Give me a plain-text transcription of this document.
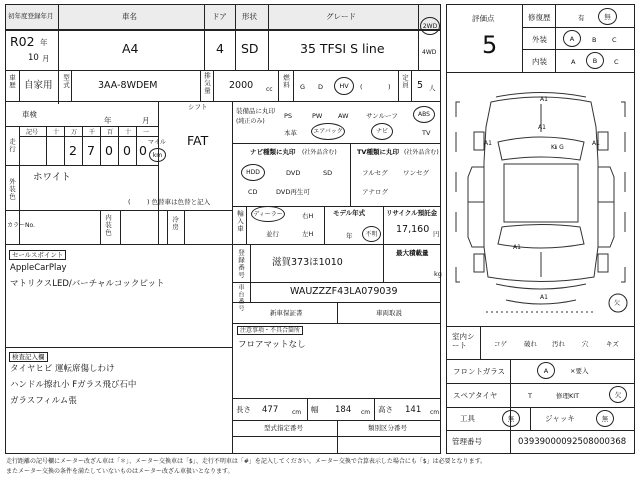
初年度登録年月	車名	ドア 形状	グレード
R02 年
10 月
A4	4 SD	35 TFSI S line
2WD
4WD
車歴 自家用 型式	3AA-8WDEM	排気量 2000 cc
燃料 G D	HV (	) 定員 5 人
車検
年	月
シフト
FAT
記号 十 万 千 百 十 一
走行	2 7 0 0 0
マイル
km
外装色
ホワイト
(	) 色替車は色替と記入
カラーNo.	内装色	冷房
セールスポイント
AppleCarPlay
マトリクスLED/バーチャルコックピット
検査記入欄
タイヤヒビ 運転席傷しわけ
ハンドル擦れ小 Fガラス飛び石中
ガラスフィルム張
装備品に丸印
(純正のみ)
PS	PW AW	サンルーフ	ABS
本革	エアバック	ナビ	TV
ナビ種類に丸印 (社外品含む)
HDD	DVD	SD
CD	DVD再生可
TV種類に丸印 (社外品含む)
フルセグ ワンセグ
アナログ
輸入車 ディーラー
並行
右H
左H
モデル年式
年 不明
リサイクル預託金
17,160 円
登録番号	滋賀373ほ1010
最大積載量
kg
車台番号	WAUZZZF43LA079039
新車保証書	車両取説
注意事項・不具合箇所
フロアマットなし
長さ 477 cm 幅 184 cm 高さ 141 cm
型式指定番号	類別区分番号
評価点
5
修復歴	有	無
外装	A	B C
内装	A	B	C
A1
A1
A1	A1
Kℹ G
A1
A1
欠
室内シート	コゲ	破れ 汚れ	穴	キズ
フロントガラス	A	×要入
スペアタイヤ	T	修理KIT	欠
工具	無	ジャッキ	無
管理番号	03939000092508000368
走行距離の記号欄にメーター改ざん車は「＊」、メーター交換車は「$」、走行不明車は「#」を記入してください。メーター交換で合算表示した場合にも「$」は必要となります。
またメーター交換の条件を満たしていないものはメーター改ざん車扱いとなります。
